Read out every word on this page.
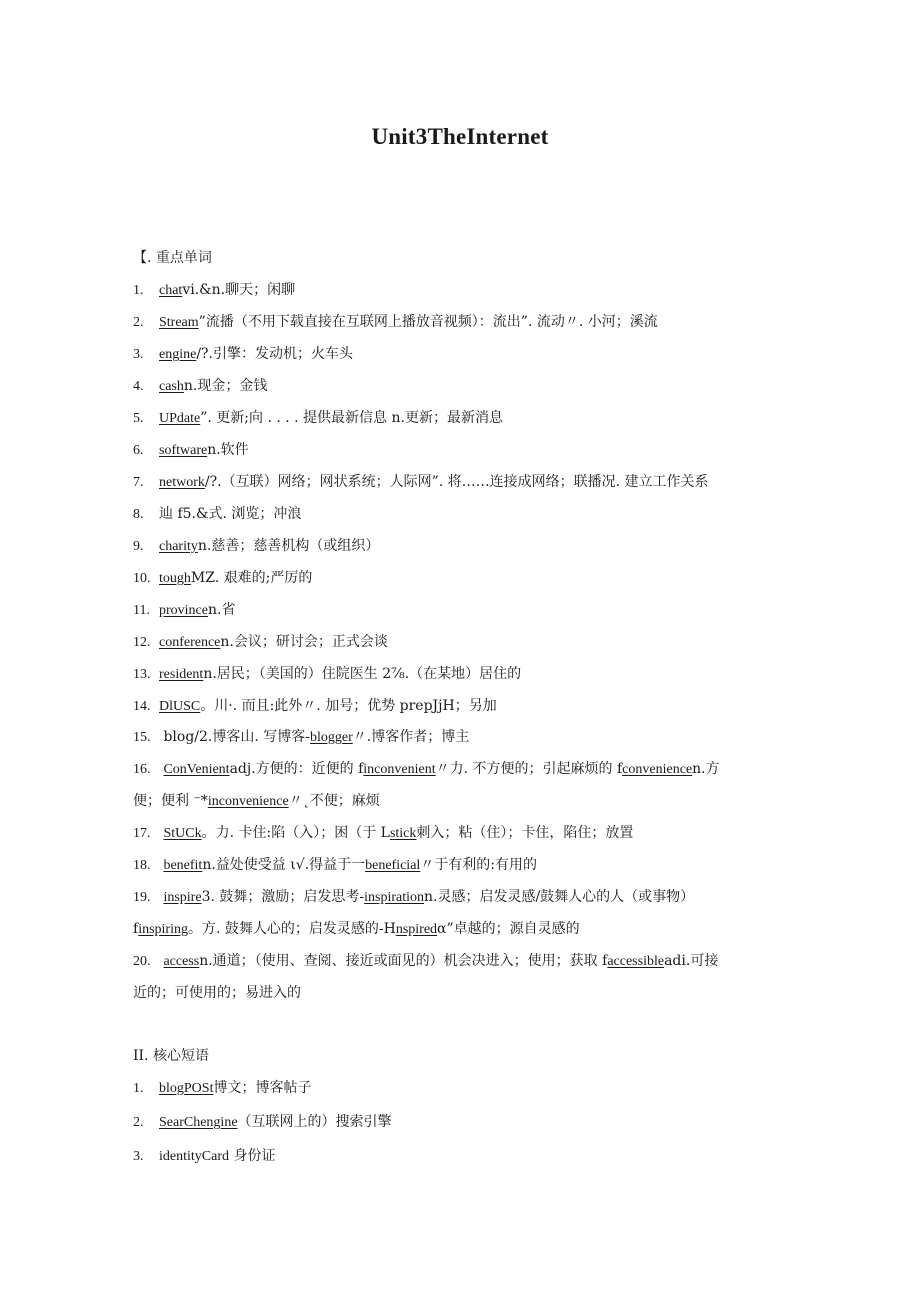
Unit3TheInternet
【. 重点单词
1. chatvi.&n.聊天；闲聊
2. Stream”流播（不用下载直接在互联网上播放音视频）：流出”. 流动〃. 小河；溪流
3. engine/?.引擎：发动机；火车头
4. cashn.现金；金钱
5. UPdate”. 更新;向 . . . . 提供最新信息 n.更新；最新消息
6. softwaren.软件
7. network/?.（互联）网络；网状系统；人际网”. 将……连接成网络；联播况. 建立工作关系
8. 辿 f5.&式. 浏览；冲浪
9. charityn.慈善；慈善机构（或组织）
10. toughMZ. 艰难的;严厉的
11. provincen.省
12. conferencen.会议；研讨会；正式会谈
13. residentn.居民；（美国的）住院医生 2⅞.（在某地）居住的
14. DlUSC。川·. 而且:此外〃. 加号；优势 prepJjH；另加
15. blog/2.博客山. 写博客-blogger〃.博客作者；博主
16. ConVenientadj.方便的：近便的 finconvenient〃力. 不方便的；引起麻烦的 fconveniencen.方
便；便利 ⁻*inconvenience〃˛不便；麻烦
17. StUCk。力. 卡住:陷（入）；困（于 Lstick刺入；粘（住）；卡住，陷住；放置
18. benefitn.益处使受益 ι√.得益于一beneficial〃于有利的:有用的
19. inspire3. 鼓舞；激励；启发思考-inspirationn.灵感；启发灵感/鼓舞人心的人（或事物）
finspiring。方. 鼓舞人心的；启发灵感的-Hnspiredα”卓越的；源自灵感的
20. accessn.通道；（使用、查阅、接近或面见的）机会决进入；使用；获取 faccessibleadi.可接
近的；可使用的；易进入的
II. 核心短语
1. blogPOSt博文；博客帖子
2. SearChengine（互联网上的）搜索引擎
3. identityCard 身份证
